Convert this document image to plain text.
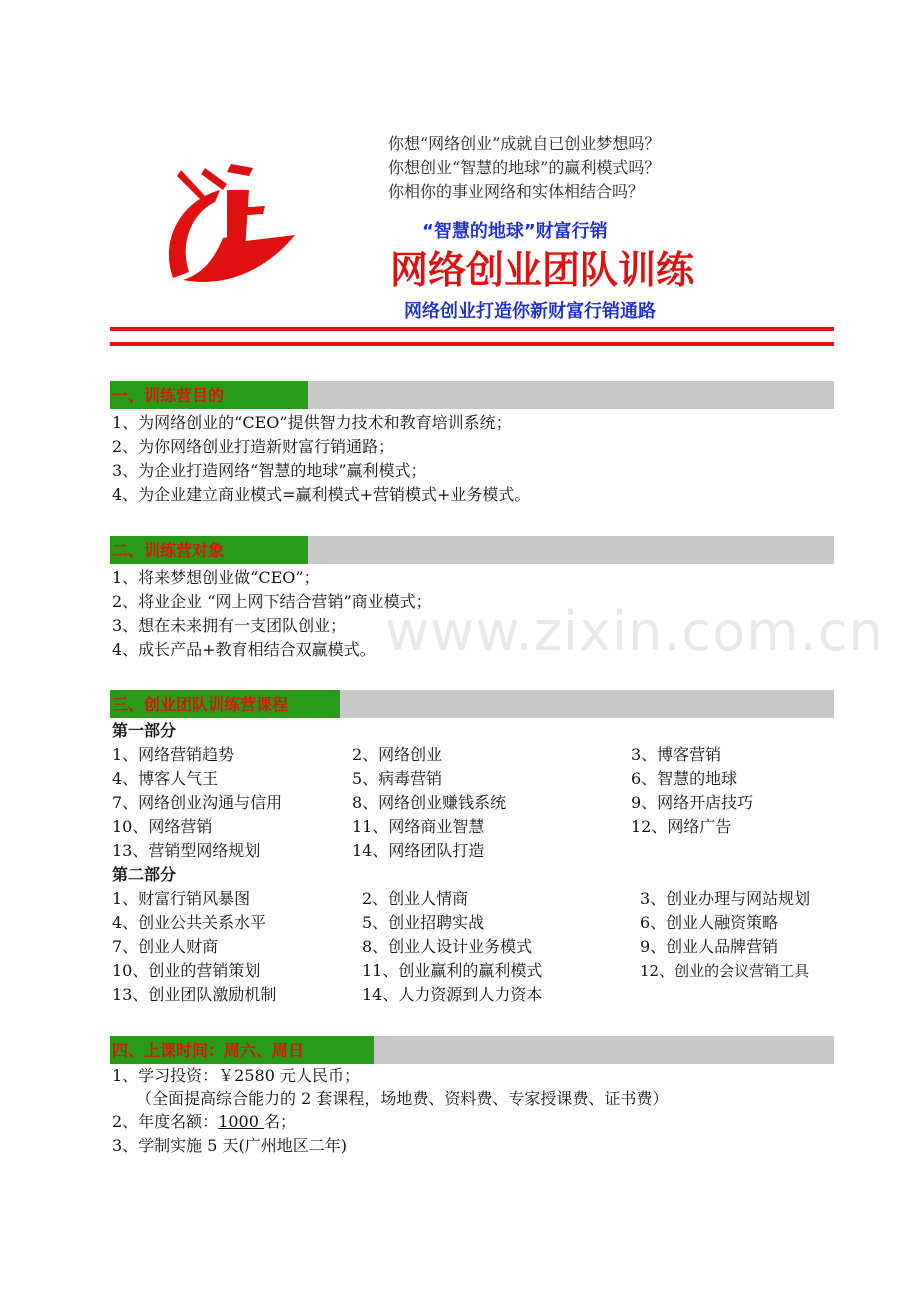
你想“网络创业”成就自已创业梦想吗？
你想创业“智慧的地球”的赢利模式吗？
你相你的事业网络和实体相结合吗？
“智慧的地球”财富行销
网络创业团队训练
网络创业打造你新财富行销通路
www.zixin.com.cn
一、训练营目的
1、为网络创业的“CEO”提供智力技术和教育培训系统；
2、为你网络创业打造新财富行销通路；
3、为企业打造网络“智慧的地球”赢利模式；
4、为企业建立商业模式=赢利模式+营销模式+业务模式。
二、训练营对象
1、将来梦想创业做“CEO”；
2、将业企业 “网上网下结合营销”商业模式；
3、想在未来拥有一支团队创业；
4、成长产品+教育相结合双赢模式。
三、创业团队训练营课程
第一部分
1、网络营销趋势	2、网络创业	3、博客营销
4、博客人气王	5、病毒营销	6、智慧的地球
7、网络创业沟通与信用	8、网络创业赚钱系统	9、网络开店技巧
10、网络营销	11、网络商业智慧	12、网络广告
13、营销型网络规划	14、网络团队打造
第二部分
1、财富行销风暴图	2、创业人情商	3、创业办理与网站规划
4、创业公共关系水平	5、创业招聘实战	6、创业人融资策略
7、创业人财商	8、创业人设计业务模式	9、创业人品牌营销
10、创业的营销策划	11、创业赢利的赢利模式	12、创业的会议营销工具
13、创业团队激励机制	14、人力资源到人力资本
四、上课时间：周六、周日
1、学习投资：￥2580 元人民币；
（全面提高综合能力的 2 套课程，场地费、资料费、专家授课费、证书费）
2、年度名额：1000 名；
3、学制实施 5 天(广州地区二年)
